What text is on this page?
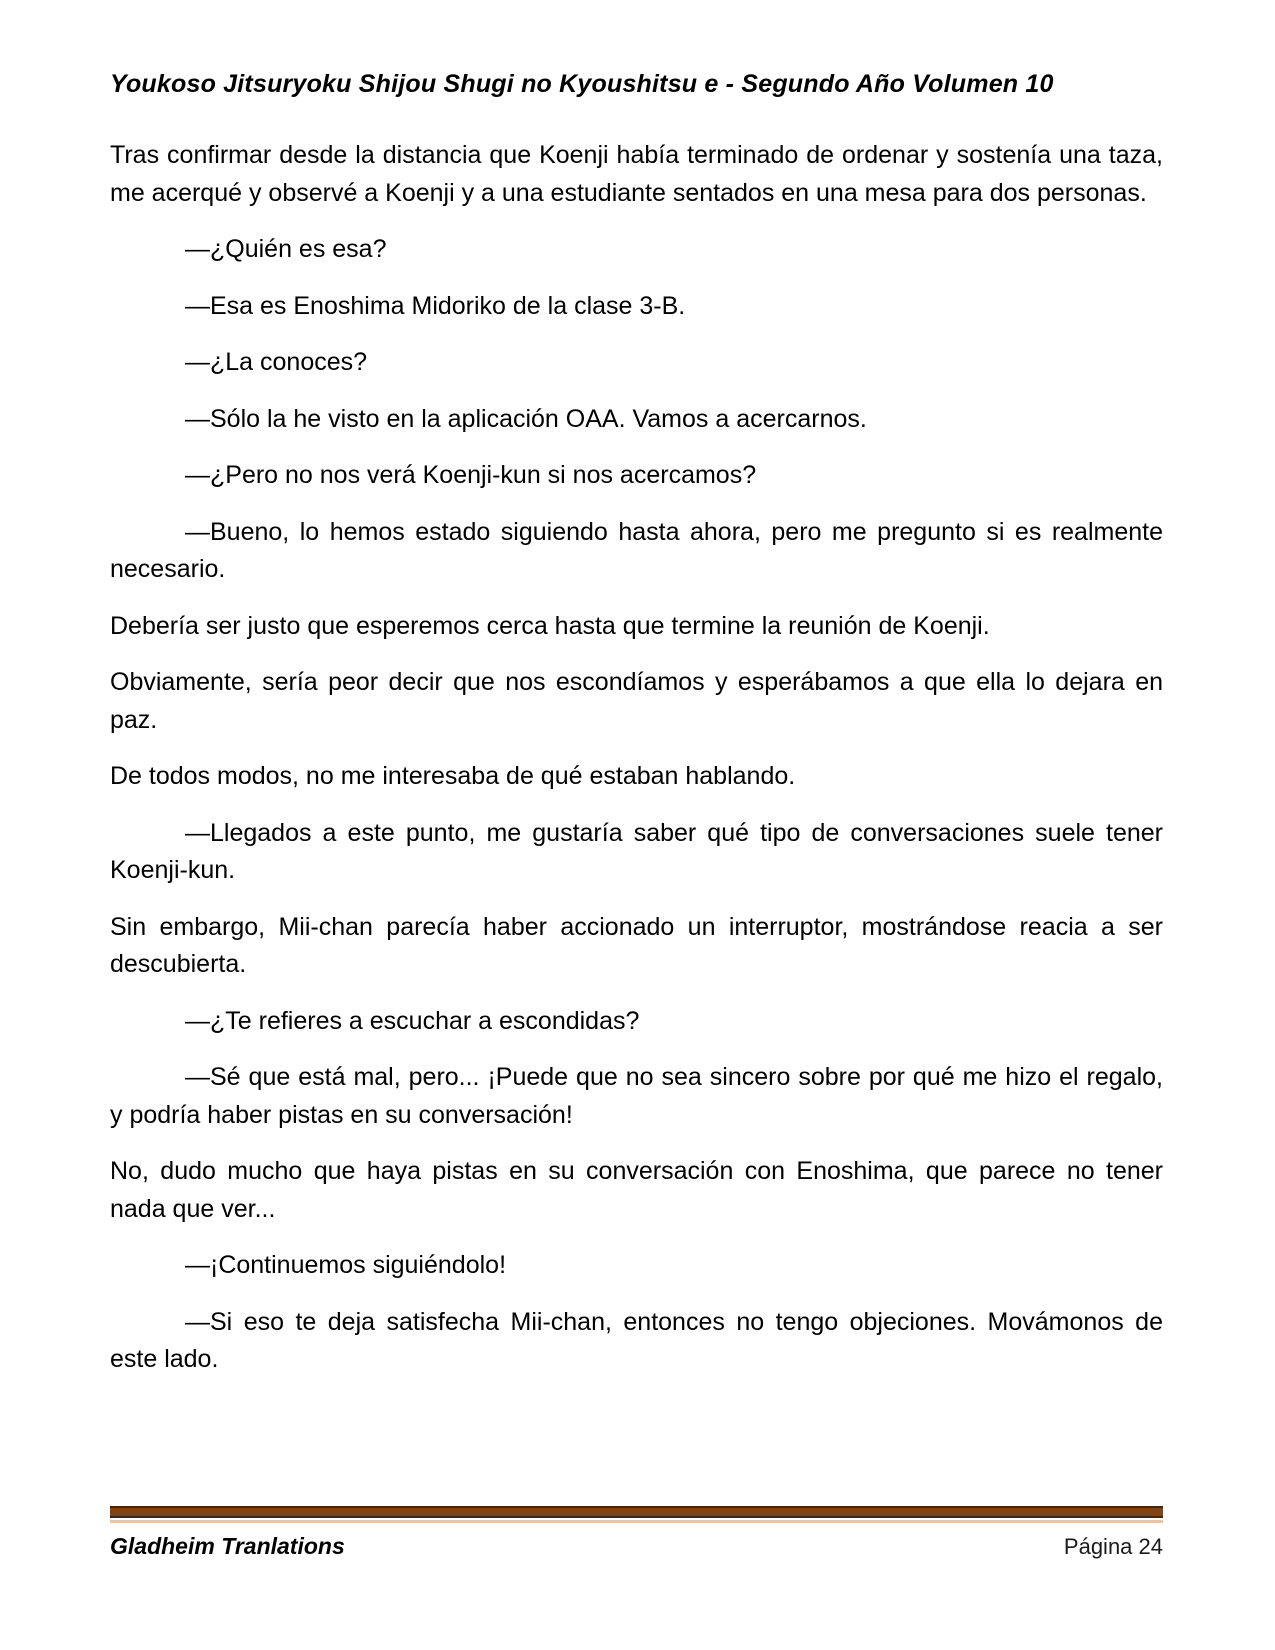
Youkoso Jitsuryoku Shijou Shugi no Kyoushitsu e - Segundo Año Volumen 10

Tras confirmar desde la distancia que Koenji había terminado de ordenar y sostenía una taza, me acerqué y observé a Koenji y a una estudiante sentados en una mesa para dos personas.

—¿Quién es esa?

—Esa es Enoshima Midoriko de la clase 3-B.

—¿La conoces?

—Sólo la he visto en la aplicación OAA. Vamos a acercarnos.

—¿Pero no nos verá Koenji-kun si nos acercamos?

—Bueno, lo hemos estado siguiendo hasta ahora, pero me pregunto si es realmente necesario.

Debería ser justo que esperemos cerca hasta que termine la reunión de Koenji.

Obviamente, sería peor decir que nos escondíamos y esperábamos a que ella lo dejara en paz.

De todos modos, no me interesaba de qué estaban hablando.

—Llegados a este punto, me gustaría saber qué tipo de conversaciones suele tener Koenji-kun.

Sin embargo, Mii-chan parecía haber accionado un interruptor, mostrándose reacia a ser descubierta.

—¿Te refieres a escuchar a escondidas?

—Sé que está mal, pero... ¡Puede que no sea sincero sobre por qué me hizo el regalo, y podría haber pistas en su conversación!

No, dudo mucho que haya pistas en su conversación con Enoshima, que parece no tener nada que ver...

—¡Continuemos siguiéndolo!

—Si eso te deja satisfecha Mii-chan, entonces no tengo objeciones. Movámonos de este lado.

Gladheim Tranlations	Página 24
